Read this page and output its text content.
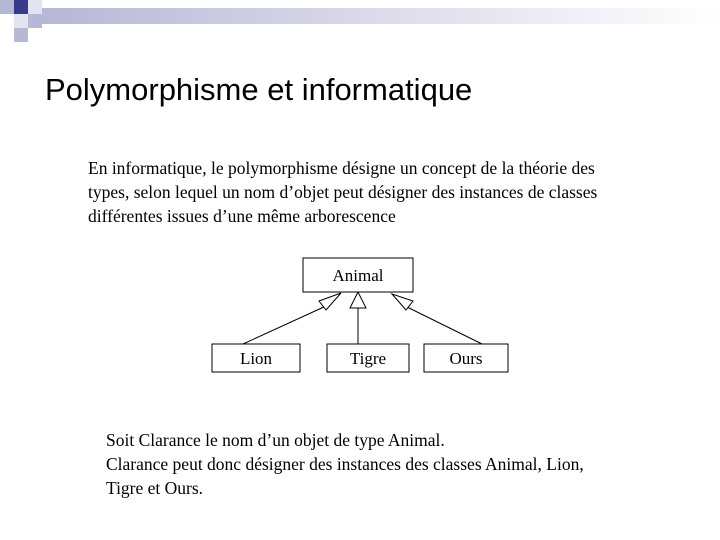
Polymorphisme et informatique
En informatique, le polymorphisme désigne un concept de la théorie des
types, selon lequel un nom d’objet peut désigner des instances de classes
différentes issues d’une même arborescence
Animal
Lion	Tigre	Ours
Soit Clarance le nom d’un objet de type Animal.
Clarance peut donc désigner des instances des classes Animal, Lion,
Tigre et Ours.
